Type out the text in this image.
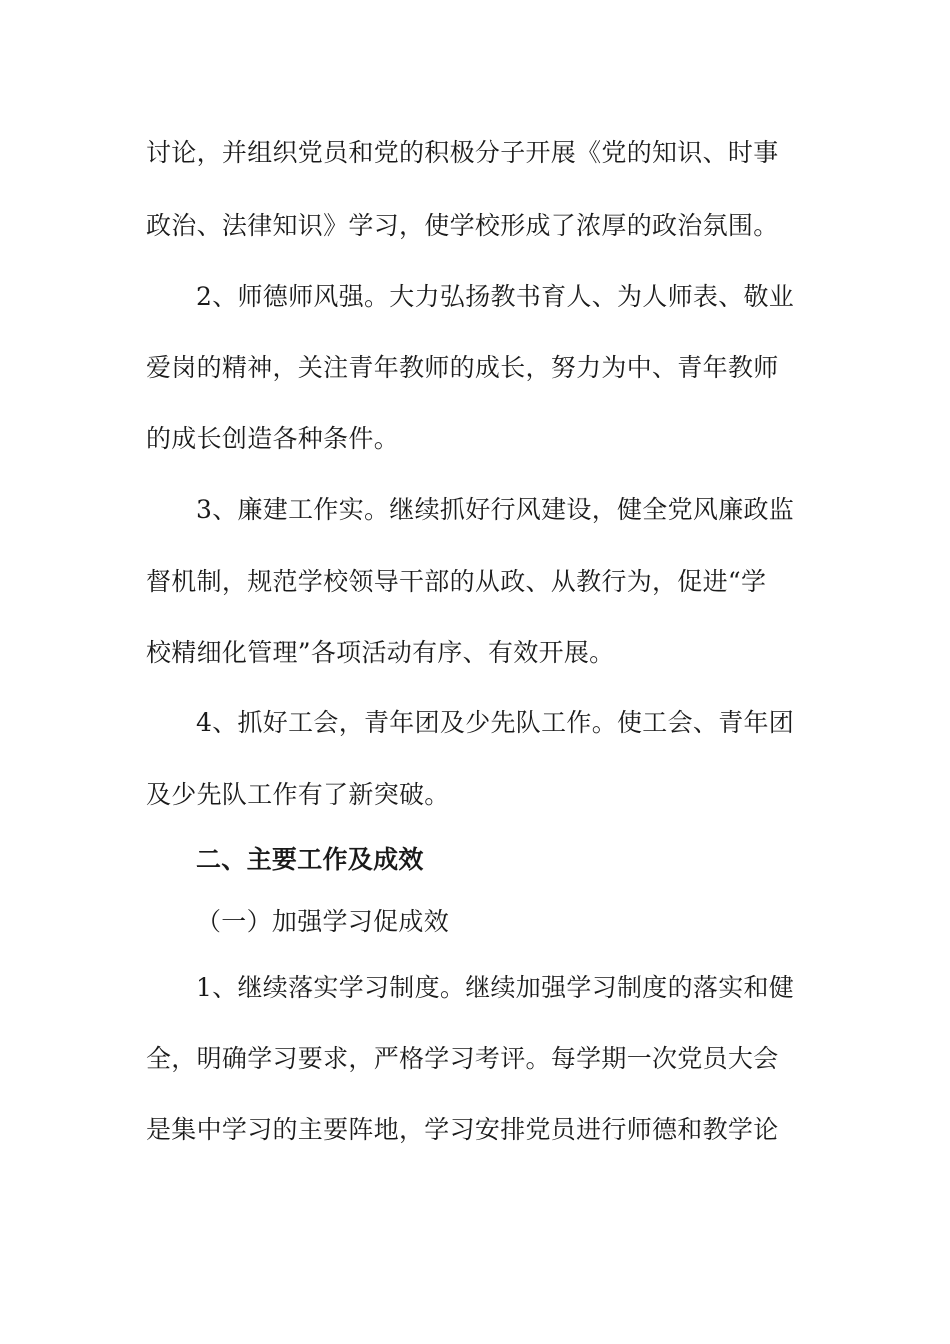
讨论，并组织党员和党的积极分子开展《党的知识、时事
政治、法律知识》学习，使学校形成了浓厚的政治氛围。
2、师德师风强。大力弘扬教书育人、为人师表、敬业
爱岗的精神，关注青年教师的成长，努力为中、青年教师
的成长创造各种条件。
3、廉建工作实。继续抓好行风建设，健全党风廉政监
督机制，规范学校领导干部的从政、从教行为，促进“学
校精细化管理”各项活动有序、有效开展。
4、抓好工会，青年团及少先队工作。使工会、青年团
及少先队工作有了新突破。
二、主要工作及成效
（一）加强学习促成效
1、继续落实学习制度。继续加强学习制度的落实和健
全，明确学习要求，严格学习考评。每学期一次党员大会
是集中学习的主要阵地，学习安排党员进行师德和教学论
